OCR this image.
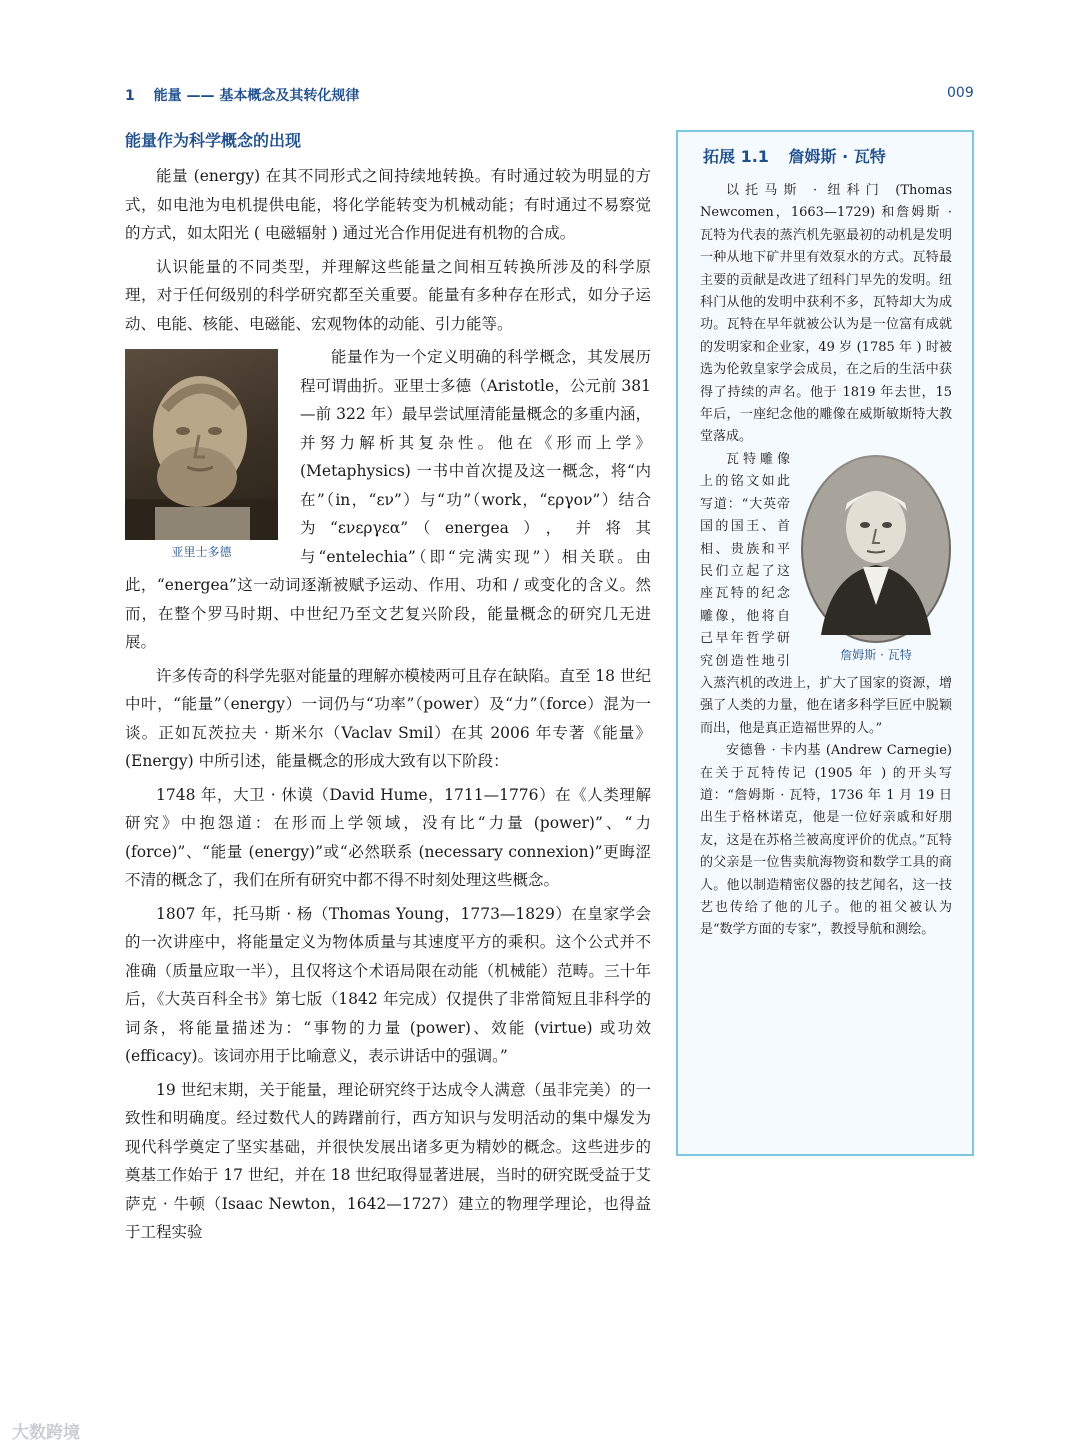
1 能量 —— 基本概念及其转化规律	009
能量作为科学概念的出现

能量 (energy) 在其不同形式之间持续地转换。有时通过较为明显的方式，如电池为电机提供电能，将化学能转变为机械动能；有时通过不易察觉的方式，如太阳光 ( 电磁辐射 ) 通过光合作用促进有机物的合成。

认识能量的不同类型，并理解这些能量之间相互转换所涉及的科学原理，对于任何级别的科学研究都至关重要。能量有多种存在形式，如分子运动、电能、核能、电磁能、宏观物体的动能、引力能等。

亚里士多德

能量作为一个定义明确的科学概念，其发展历程可谓曲折。亚里士多德（Aristotle，公元前 381—前 322 年）最早尝试厘清能量概念的多重内涵，并努力解析其复杂性。他在《形而上学》(Metaphysics) 一书中首次提及这一概念，将“内在”（in，“εν”）与“功”（work，“εργον”）结合为“ενεργεα”（energea），并将其与“entelechia”（即“完满实现”）相关联。由此，“energea”这一动词逐渐被赋予运动、作用、功和 / 或变化的含义。然而，在整个罗马时期、中世纪乃至文艺复兴阶段，能量概念的研究几无进展。

许多传奇的科学先驱对能量的理解亦模棱两可且存在缺陷。直至 18 世纪中叶，“能量”（energy）一词仍与“功率”（power）及“力”（force）混为一谈。正如瓦茨拉夫 · 斯米尔（Vaclav Smil）在其 2006 年专著《能量》(Energy) 中所引述，能量概念的形成大致有以下阶段：

1748 年，大卫 · 休谟（David Hume，1711—1776）在《人类理解研究》中抱怨道：在形而上学领域，没有比“力量 (power)”、“力 (force)”、“能量 (energy)”或“必然联系 (necessary connexion)”更晦涩不清的概念了，我们在所有研究中都不得不时刻处理这些概念。

1807 年，托马斯 · 杨（Thomas Young，1773—1829）在皇家学会的一次讲座中，将能量定义为物体质量与其速度平方的乘积。这个公式并不准确（质量应取一半），且仅将这个术语局限在动能（机械能）范畴。三十年后，《大英百科全书》第七版（1842 年完成）仅提供了非常简短且非科学的词条，将能量描述为：“事物的力量 (power)、效能 (virtue) 或功效 (efficacy)。该词亦用于比喻意义，表示讲话中的强调。”

19 世纪末期，关于能量，理论研究终于达成令人满意（虽非完美）的一致性和明确度。经过数代人的踌躇前行，西方知识与发明活动的集中爆发为现代科学奠定了坚实基础，并很快发展出诸多更为精妙的概念。这些进步的奠基工作始于 17 世纪，并在 18 世纪取得显著进展，当时的研究既受益于艾萨克 · 牛顿（Isaac Newton，1642—1727）建立的物理学理论，也得益于工程实验

拓展 1.1 詹姆斯 · 瓦特

以托马斯 · 纽科门 (Thomas Newcomen，1663—1729) 和詹姆斯 · 瓦特为代表的蒸汽机先驱最初的动机是发明一种从地下矿井里有效泵水的方式。瓦特最主要的贡献是改进了纽科门早先的发明。纽科门从他的发明中获利不多，瓦特却大为成功。瓦特在早年就被公认为是一位富有成就的发明家和企业家，49 岁 (1785 年 ) 时被选为伦敦皇家学会成员，在之后的生活中获得了持续的声名。他于 1819 年去世，15 年后，一座纪念他的雕像在威斯敏斯特大教堂落成。

詹姆斯 · 瓦特

瓦特雕像上的铭文如此写道：“大英帝国的国王、首相、贵族和平民们立起了这座瓦特的纪念雕像，他将自己早年哲学研究创造性地引入蒸汽机的改进上，扩大了国家的资源，增强了人类的力量，他在诸多科学巨匠中脱颖而出，他是真正造福世界的人。”

安德鲁 · 卡内基 (Andrew Carnegie) 在关于瓦特传记 (1905 年 ) 的开头写道：“詹姆斯 · 瓦特，1736 年 1 月 19 日出生于格林诺克，他是一位好亲戚和好朋友，这是在苏格兰被高度评价的优点。”瓦特的父亲是一位售卖航海物资和数学工具的商人。他以制造精密仪器的技艺闻名，这一技艺也传给了他的儿子。他的祖父被认为是“数学方面的专家”，教授导航和测绘。

大数跨境
